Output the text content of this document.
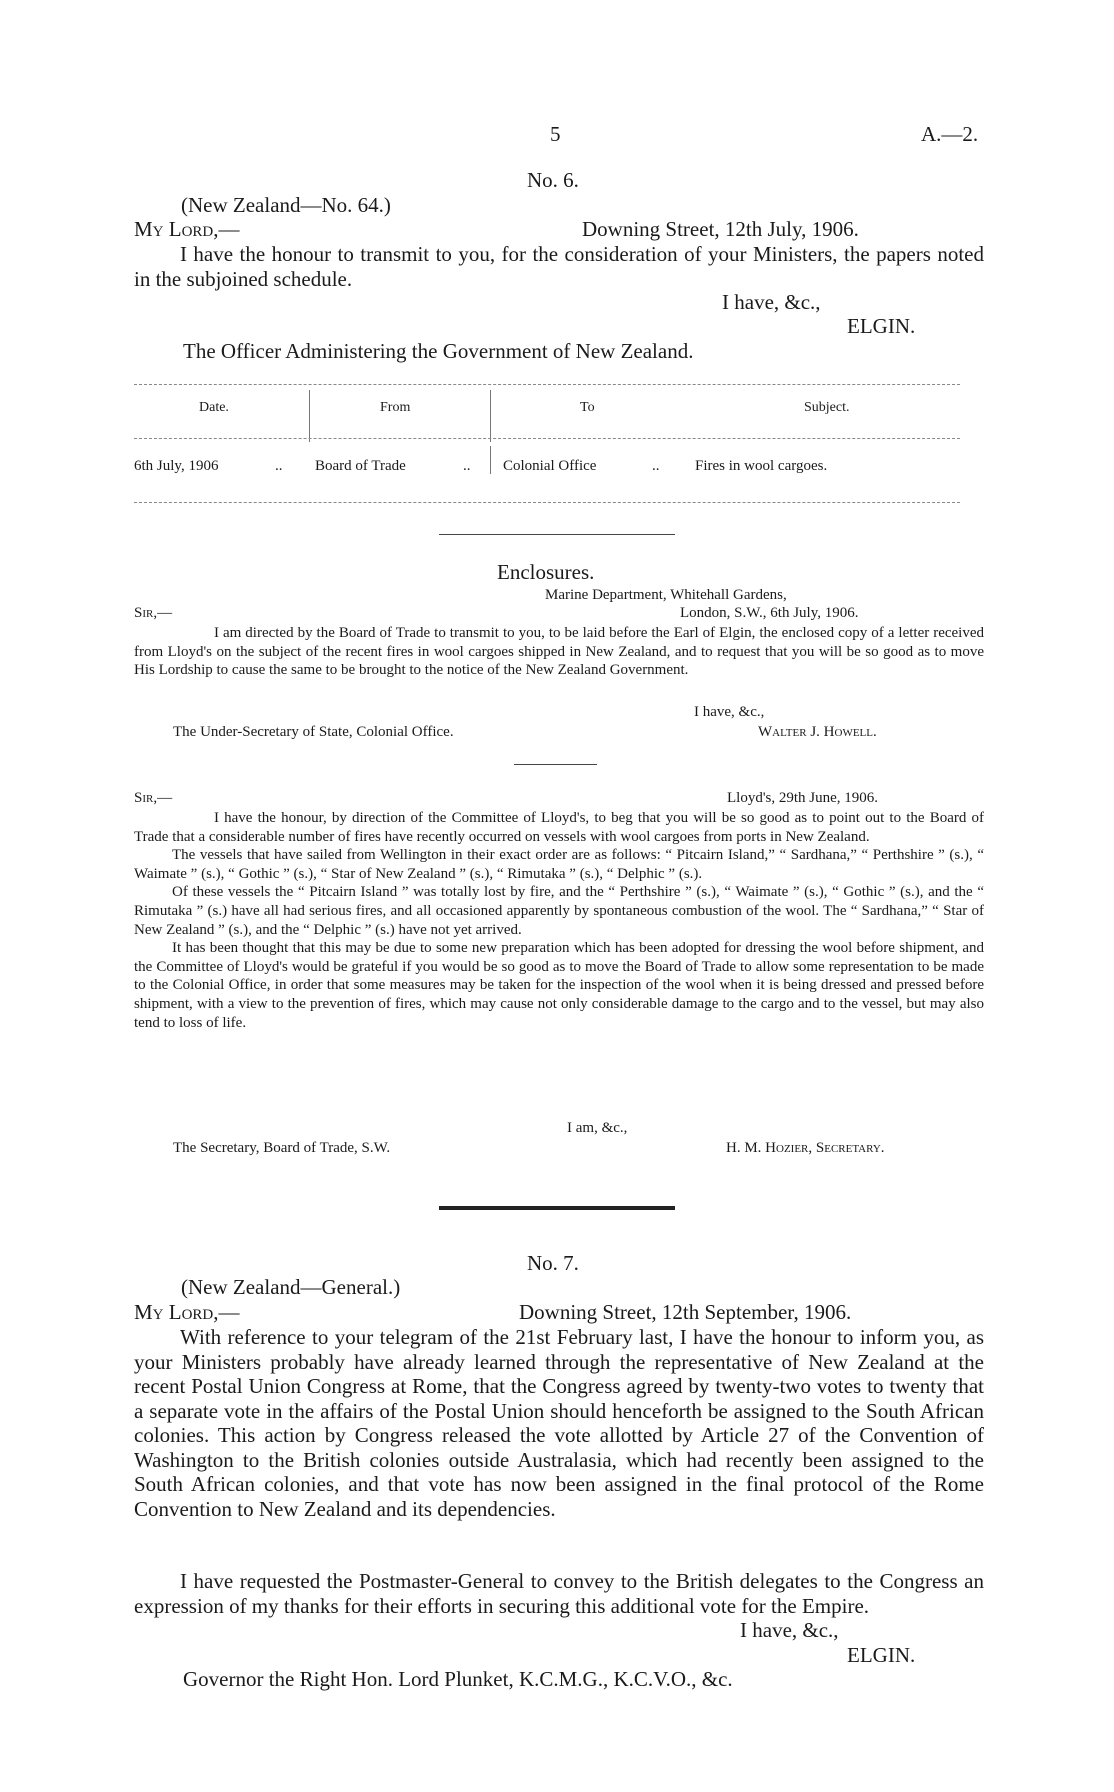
5	A.—2.
No. 6.
(New Zealand—No. 64.)
My Lord,—	Downing Street, 12th July, 1906.
I have the honour to transmit to you, for the consideration of your Ministers, the papers noted in the subjoined schedule.
I have, &c.,
ELGIN.
The Officer Administering the Government of New Zealand.
Date.	From	To	Subject.
6th July, 1906	.. Board of Trade	.. Colonial Office	.. Fires in wool cargoes.
Enclosures.
Marine Department, Whitehall Gardens,
Sir,—	London, S.W., 6th July, 1906.
I am directed by the Board of Trade to transmit to you, to be laid before the Earl of Elgin, the enclosed copy of a letter received from Lloyd's on the subject of the recent fires in wool cargoes shipped in New Zealand, and to request that you will be so good as to move His Lordship to cause the same to be brought to the notice of the New Zealand Government.
I have, &c.,
The Under-Secretary of State, Colonial Office.	Walter J. Howell.
Sir,—	Lloyd's, 29th June, 1906.
I have the honour, by direction of the Committee of Lloyd's, to beg that you will be so good as to point out to the Board of Trade that a considerable number of fires have recently occurred on vessels with wool cargoes from ports in New Zealand.
The vessels that have sailed from Wellington in their exact order are as follows: “ Pitcairn Island,” “ Sardhana,” “ Perthshire ” (s.), “ Waimate ” (s.), “ Gothic ” (s.), “ Star of New Zealand ” (s.), “ Rimutaka ” (s.), “ Delphic ” (s.).
Of these vessels the “ Pitcairn Island ” was totally lost by fire, and the “ Perthshire ” (s.), “ Waimate ” (s.), “ Gothic ” (s.), and the “ Rimutaka ” (s.) have all had serious fires, and all occasioned apparently by spontaneous combustion of the wool. The “ Sardhana,” “ Star of New Zealand ” (s.), and the “ Delphic ” (s.) have not yet arrived.
It has been thought that this may be due to some new preparation which has been adopted for dressing the wool before shipment, and the Committee of Lloyd's would be grateful if you would be so good as to move the Board of Trade to allow some representation to be made to the Colonial Office, in order that some measures may be taken for the inspection of the wool when it is being dressed and pressed before shipment, with a view to the prevention of fires, which may cause not only considerable damage to the cargo and to the vessel, but may also tend to loss of life.
I am, &c.,
The Secretary, Board of Trade, S.W.	H. M. Hozier, Secretary.
No. 7.
(New Zealand—General.)
My Lord,—	Downing Street, 12th September, 1906.
With reference to your telegram of the 21st February last, I have the honour to inform you, as your Ministers probably have already learned through the representative of New Zealand at the recent Postal Union Congress at Rome, that the Congress agreed by twenty-two votes to twenty that a separate vote in the affairs of the Postal Union should henceforth be assigned to the South African colonies. This action by Congress released the vote allotted by Article 27 of the Convention of Washington to the British colonies outside Australasia, which had recently been assigned to the South African colonies, and that vote has now been assigned in the final protocol of the Rome Convention to New Zealand and its dependencies.
I have requested the Postmaster-General to convey to the British delegates to the Congress an expression of my thanks for their efforts in securing this additional vote for the Empire.
I have, &c.,
ELGIN.
Governor the Right Hon. Lord Plunket, K.C.M.G., K.C.V.O., &c.
